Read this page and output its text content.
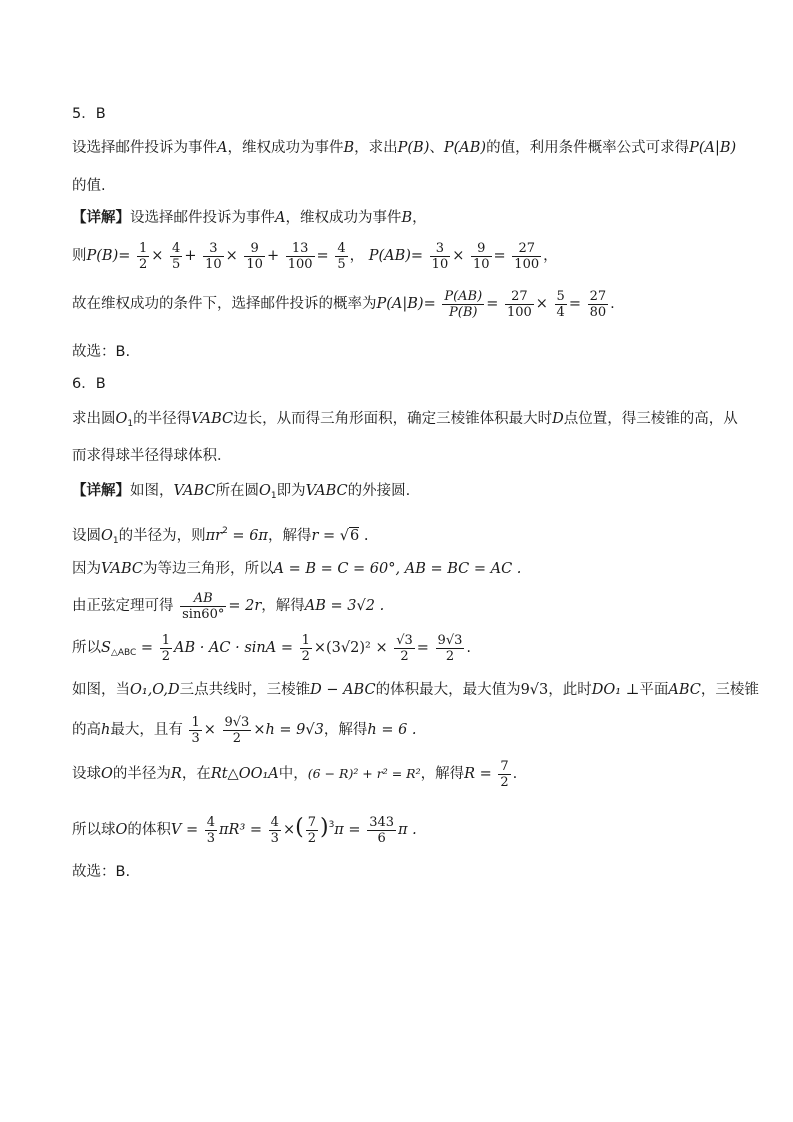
5．B
设选择邮件投诉为事件A，维权成功为事件B，求出P(B)、P(AB)的值，利用条件概率公式可求得P(A|B)
的值.
【详解】设选择邮件投诉为事件A，维权成功为事件B，
则$P(B)= \frac{1}{2} \times \frac{4}{5} + \frac{3}{10} \times \frac{9}{10} + \frac{13}{100} = \frac{4}{5}$ ， $P(AB)= \frac{3}{10} \times \frac{9}{10} = \frac{27}{100}$ ，
故在维权成功的条件下，选择邮件投诉的概率为$P(A|B)= \frac{P(AB)}{P(B)} = \frac{27}{100} \times \frac{5}{4} = \frac{27}{80}$ .
故选：B.
6．B
求出圆$O_1$的半径得VABC边长，从而得三角形面积，确定三棱锥体积最大时D点位置，得三棱锥的高，从
而求得球半径得球体积．
【详解】如图，VABC所在圆$O_1$即为VABC的外接圆.
设圆$O_1$的半径为，则$\pi r^2 = 6\pi$，解得r = √6 .
因为VABC为等边三角形，所以A = B = C = 60°, AB = BC = AC .
由正弦定理可得 $\frac{AB}{\sin 60^\circ} = 2r$，解得AB = 3√2 .
所以$S_{\triangle ABC} = \frac{1}{2}$ AB · AC · $\sin A = \frac{1}{2} \times(3√2)^2 \times \frac{√3}{2} = \frac{9√3}{2}$ .
如图，当O₁,O,D三点共线时，三棱锥D − ABC的体积最大，最大值为9√3，此时DO₁ ⊥平面ABC，三棱锥
的高h最大，且有 $\frac{1}{3} \times \frac{9√3}{2} \times h = 9√3$，解得h = 6 .
设球O的半径为R，在Rt△OO₁A中，(6 − R)² + r² = R²，解得$R = \frac{7}{2}$ .
所以球O的体积$V = \frac{4}{3} \pi R^3 = \frac{4}{3}$ ×( $\frac{7}{2} )^3\pi = \frac{343}{6}$ π .
故选：B.
